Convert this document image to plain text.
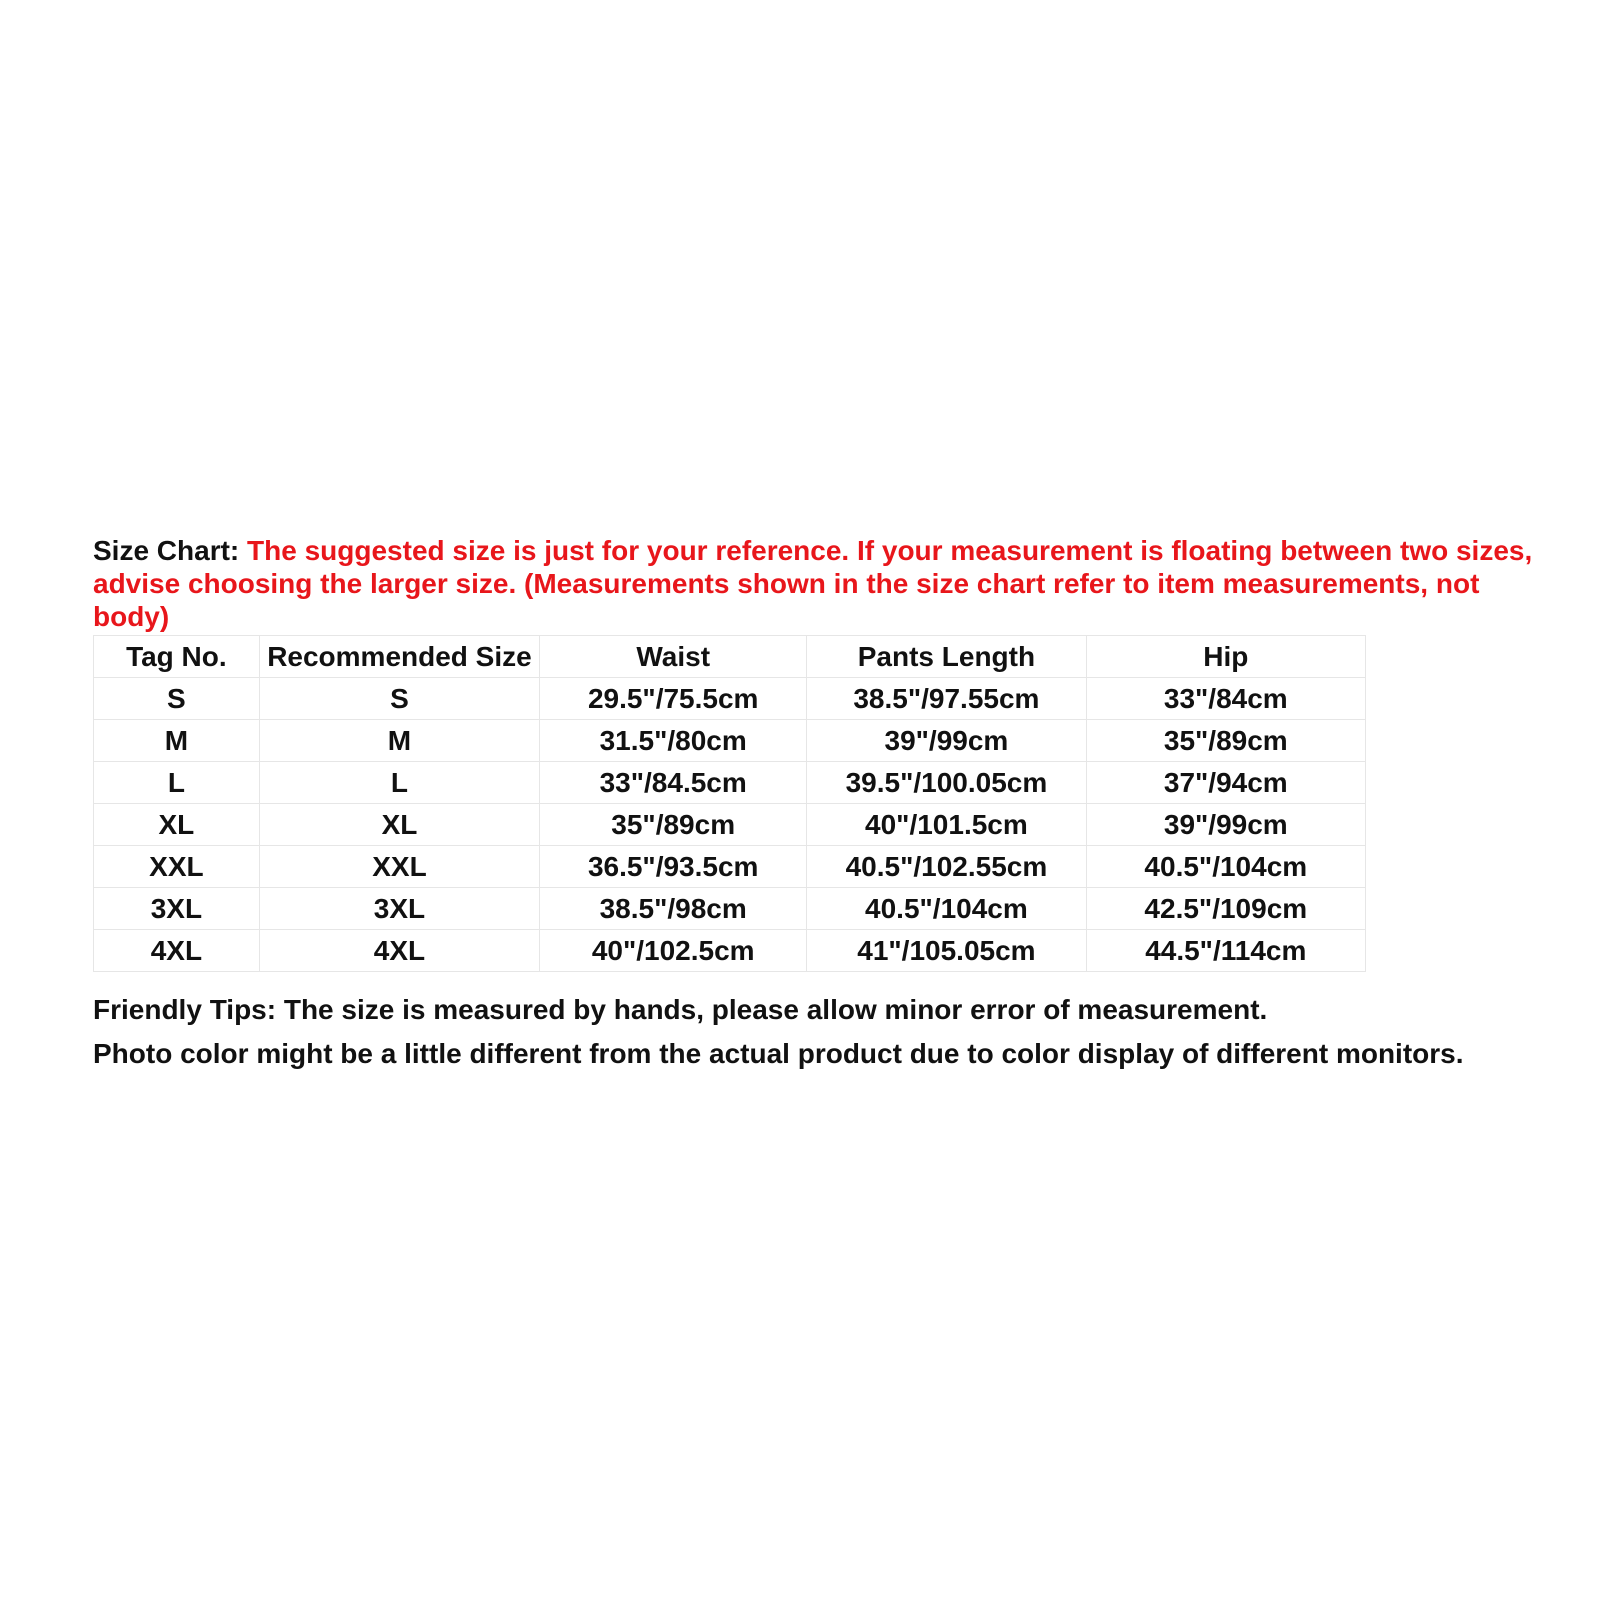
Size Chart: The suggested size is just for your reference. If your measurement is floating between two sizes, advise choosing the larger size. (Measurements shown in the size chart refer to item measurements, not body)

Tag No.	Recommended Size	Waist	Pants Length	Hip
S	S	29.5"/75.5cm	38.5"/97.55cm	33"/84cm
M	M	31.5"/80cm	39"/99cm	35"/89cm
L	L	33"/84.5cm	39.5"/100.05cm	37"/94cm
XL	XL	35"/89cm	40"/101.5cm	39"/99cm
XXL	XXL	36.5"/93.5cm	40.5"/102.55cm	40.5"/104cm
3XL	3XL	38.5"/98cm	40.5"/104cm	42.5"/109cm
4XL	4XL	40"/102.5cm	41"/105.05cm	44.5"/114cm

Friendly Tips: The size is measured by hands, please allow minor error of measurement.

Photo color might be a little different from the actual product due to color display of different monitors.
